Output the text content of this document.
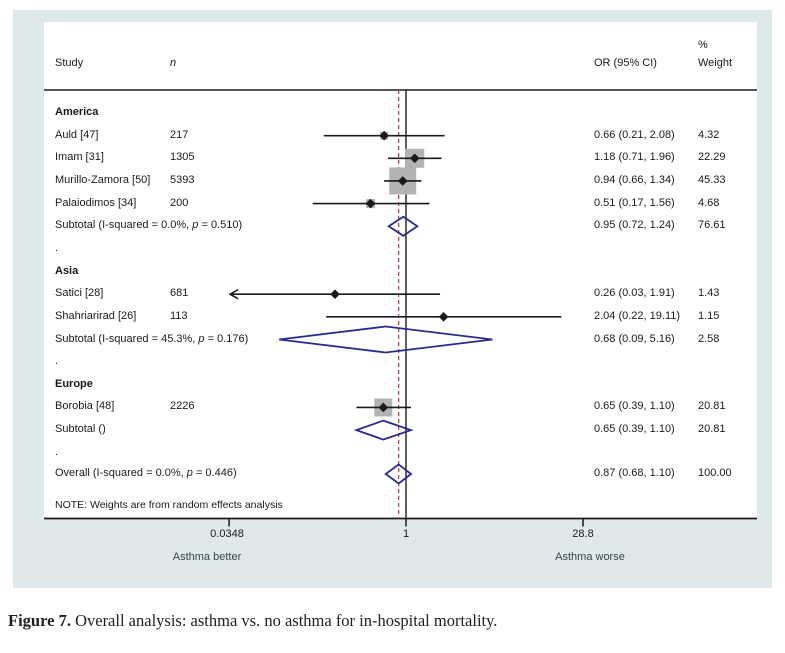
Study	n	OR (95% CI)
%
Weight
NOTE: Weights are from random effects analysis
0.0348	1	28.8
Asthma better	Asthma worse
Figure 7. Overall analysis: asthma vs. no asthma for in-hospital mortality.
America
Auld [47]	217	0.66 (0.21, 2.08) 4.32
Imam [31]	1305	1.18 (0.71, 1.96) 22.29
Murillo-Zamora [50] 5393	0.94 (0.66, 1.34) 45.33
Palaiodimos [34]	200	0.51 (0.17, 1.56) 4.68
Subtotal (I-squared = 0.0%, p = 0.510)	0.95 (0.72, 1.24) 76.61
.
Asia
Satici [28]	681	0.26 (0.03, 1.91) 1.43
Shahriarirad [26]	113	2.04 (0.22, 19.11) 1.15
Subtotal (I-squared = 45.3%, p = 0.176)	0.68 (0.09, 5.16) 2.58
.
Europe
Borobia [48]	2226	0.65 (0.39, 1.10) 20.81
Subtotal ()	0.65 (0.39, 1.10) 20.81
.
Overall (I-squared = 0.0%, p = 0.446)	0.87 (0.68, 1.10) 100.00
